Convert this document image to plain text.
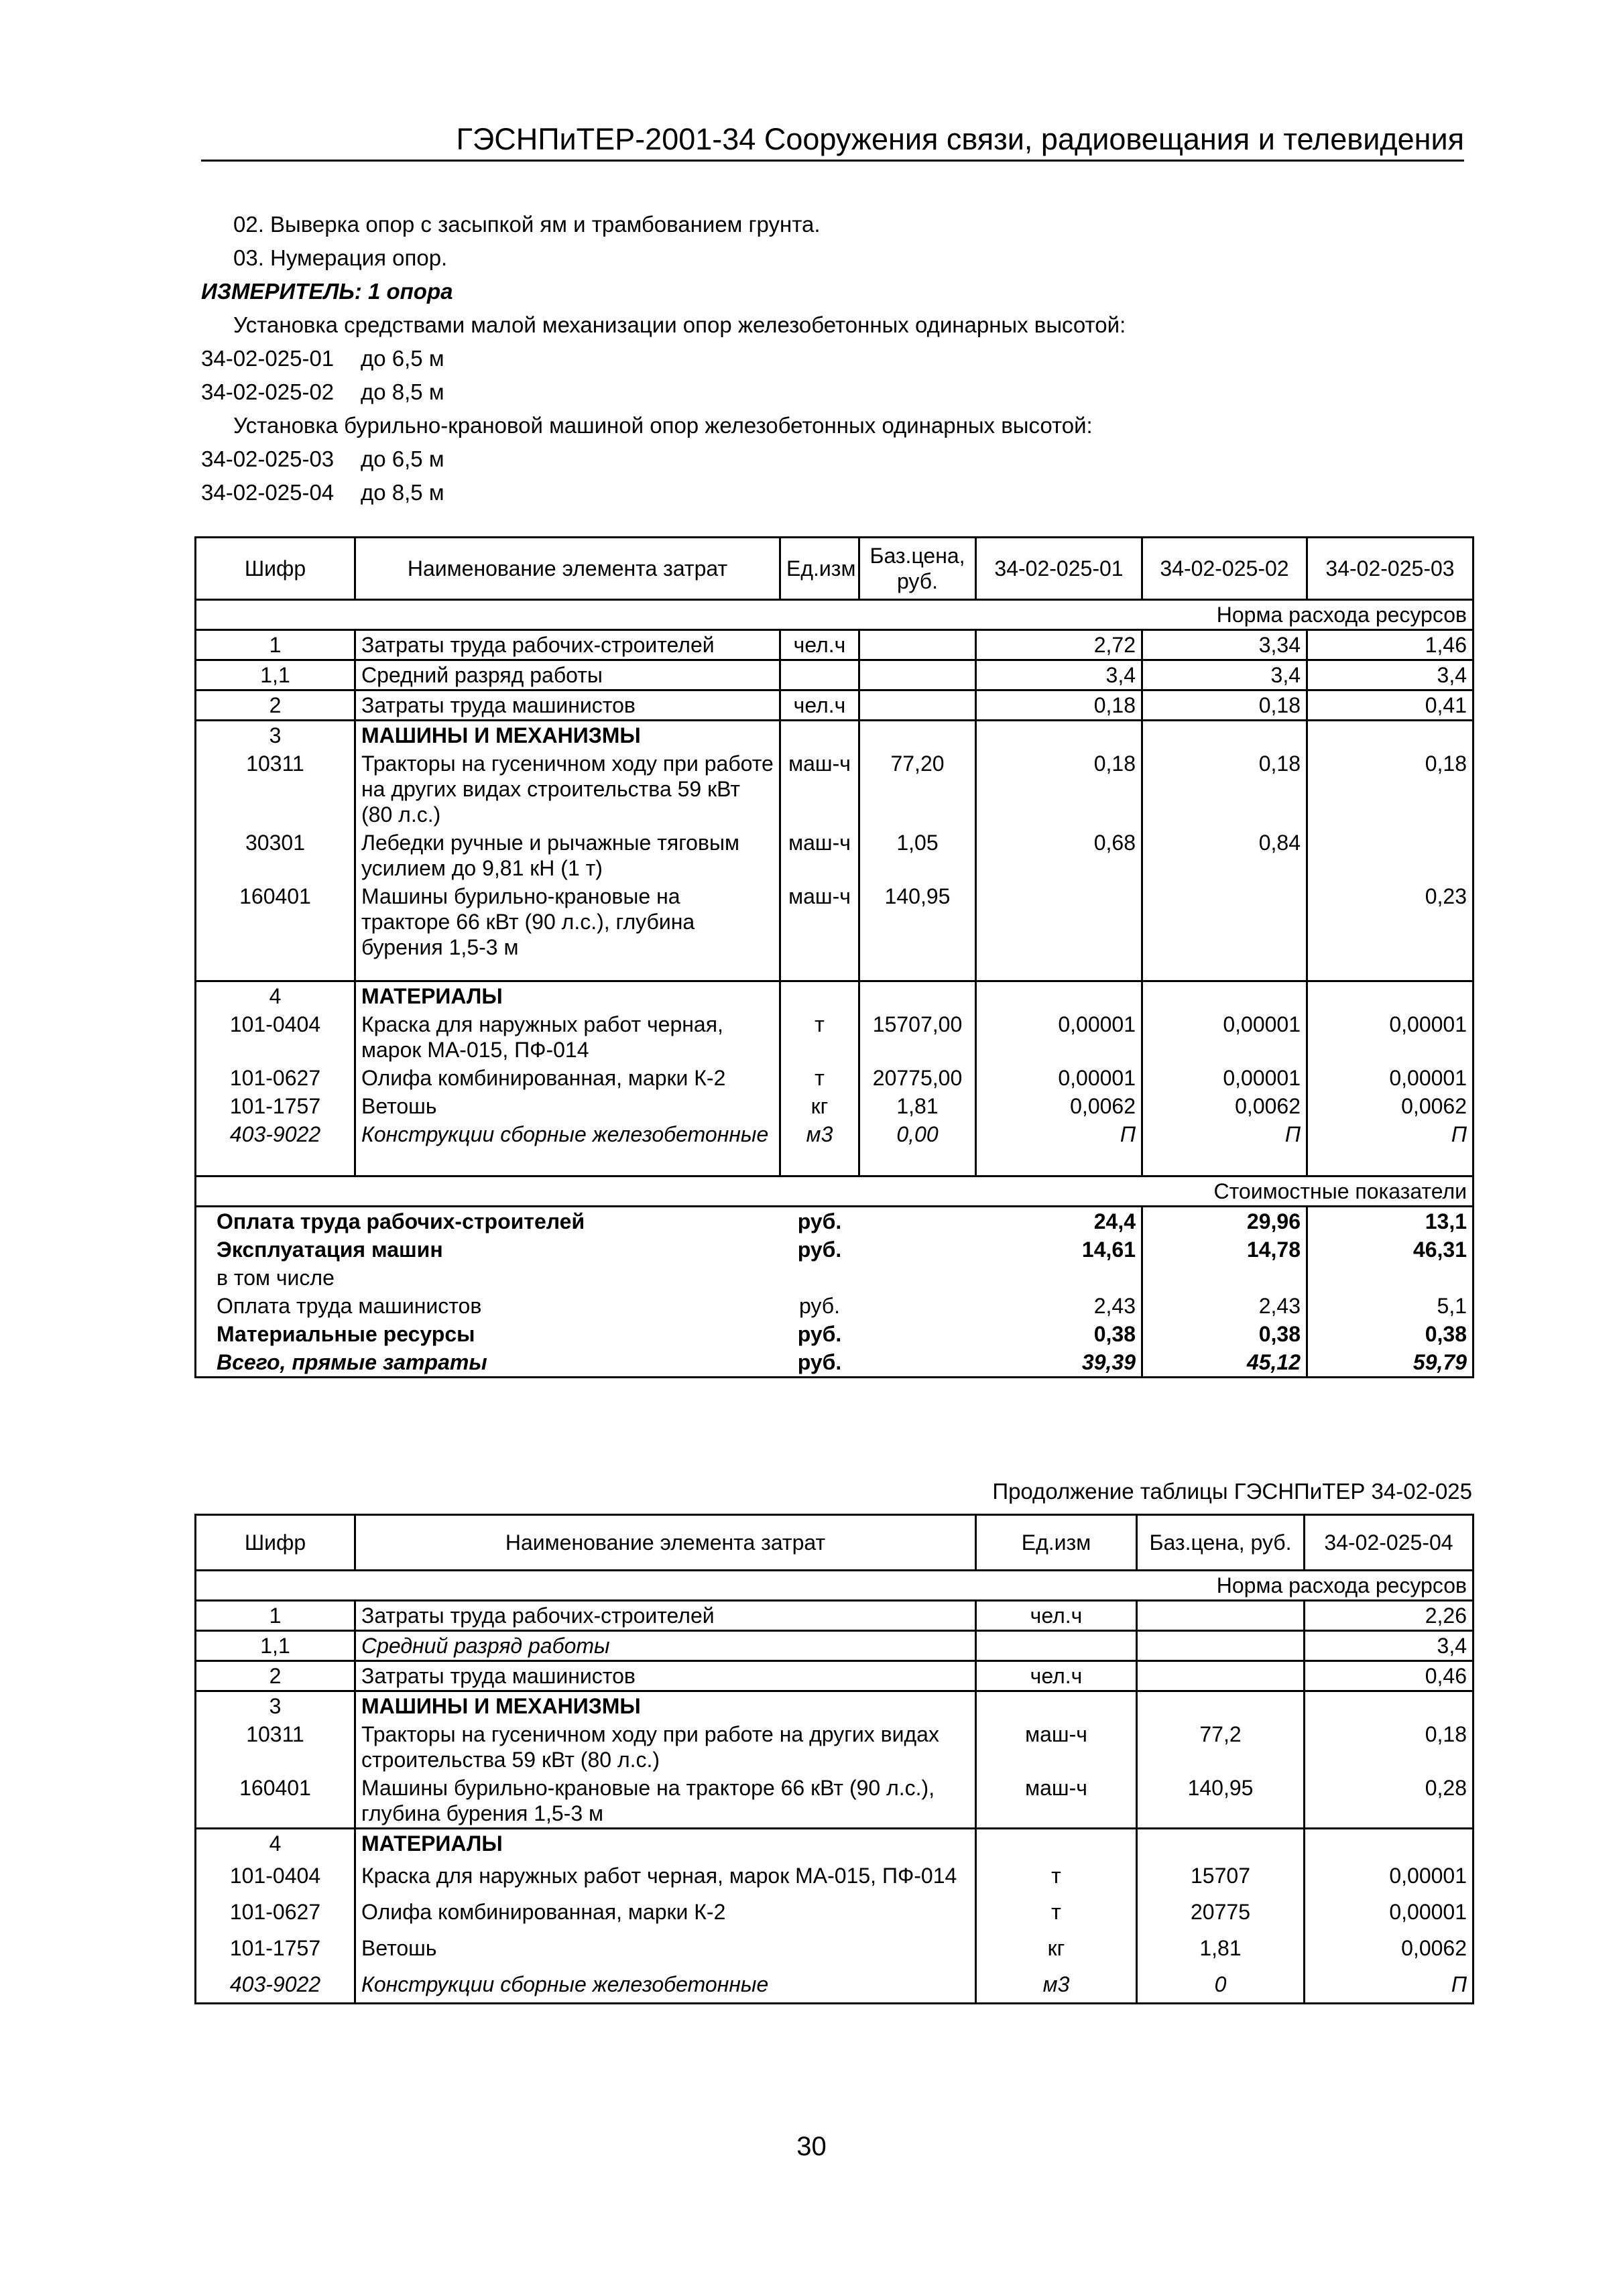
ГЭСНПиТЕР-2001-34 Сооружения связи, радиовещания и телевидения
02. Выверка опор с засыпкой ям и трамбованием грунта.
03. Нумерация опор.
ИЗМЕРИТЕЛЬ: 1 опора
Установка средствами малой механизации опор железобетонных одинарных высотой:
34-02-025-01 до 6,5 м
34-02-025-02 до 8,5 м
Установка бурильно-крановой машиной опор железобетонных одинарных высотой:
34-02-025-03 до 6,5 м
34-02-025-04 до 8,5 м
Шифр	Наименование элемента затрат	Ед.изм	Баз.цена, руб.	34-02-025-01	34-02-025-02	34-02-025-03
Норма расхода ресурсов						
1	Затраты труда рабочих-строителей	чел.ч		2,72	3,34	1,46
1,1	Средний разряд работы			3,4	3,4	3,4
2	Затраты труда машинистов	чел.ч		0,18	0,18	0,41
3	МАШИНЫ И МЕХАНИЗМЫ					
10311	Тракторы на гусеничном ходу при работе на других видах строительства 59 кВт (80 л.с.)	маш-ч	77,20	0,18	0,18	0,18
30301	Лебедки ручные и рычажные тяговым усилием до 9,81 кН (1 т)	маш-ч	1,05	0,68	0,84	
160401	Машины бурильно-крановые на тракторе 66 кВт (90 л.с.), глубина бурения 1,5-3 м	маш-ч	140,95			0,23
4	МАТЕРИАЛЫ					
101-0404	Краска для наружных работ черная, марок МА-015, ПФ-014	т	15707,00	0,00001	0,00001	0,00001
101-0627	Олифа комбинированная, марки К-2	т	20775,00	0,00001	0,00001	0,00001
101-1757	Ветошь	кг	1,81	0,0062	0,0062	0,0062
403-9022	Конструкции сборные железобетонные	м3	0,00	П	П	П
Стоимостные показатели						
Оплата труда рабочих-строителей		руб.		24,4	29,96	13,1
Эксплуатация машин		руб.		14,61	14,78	46,31
в том числе						
Оплата труда машинистов		руб.		2,43	2,43	5,1
Материальные ресурсы		руб.		0,38	0,38	0,38
Всего, прямые затраты		руб.		39,39	45,12	59,79
Продолжение таблицы ГЭСНПиТЕР 34-02-025
Шифр	Наименование элемента затрат	Ед.изм	Баз.цена, руб.	34-02-025-04
Норма расхода ресурсов				
1	Затраты труда рабочих-строителей	чел.ч		2,26
1,1	Средний разряд работы			3,4
2	Затраты труда машинистов	чел.ч		0,46
3	МАШИНЫ И МЕХАНИЗМЫ			
10311	Тракторы на гусеничном ходу при работе на других видах строительства 59 кВт (80 л.с.)	маш-ч	77,2	0,18
160401	Машины бурильно-крановые на тракторе 66 кВт (90 л.с.), глубина бурения 1,5-3 м	маш-ч	140,95	0,28
4	МАТЕРИАЛЫ			
101-0404	Краска для наружных работ черная, марок МА-015, ПФ-014	т	15707	0,00001
101-0627	Олифа комбинированная, марки К-2	т	20775	0,00001
101-1757	Ветошь	кг	1,81	0,0062
403-9022	Конструкции сборные железобетонные	м3	0	П
30
